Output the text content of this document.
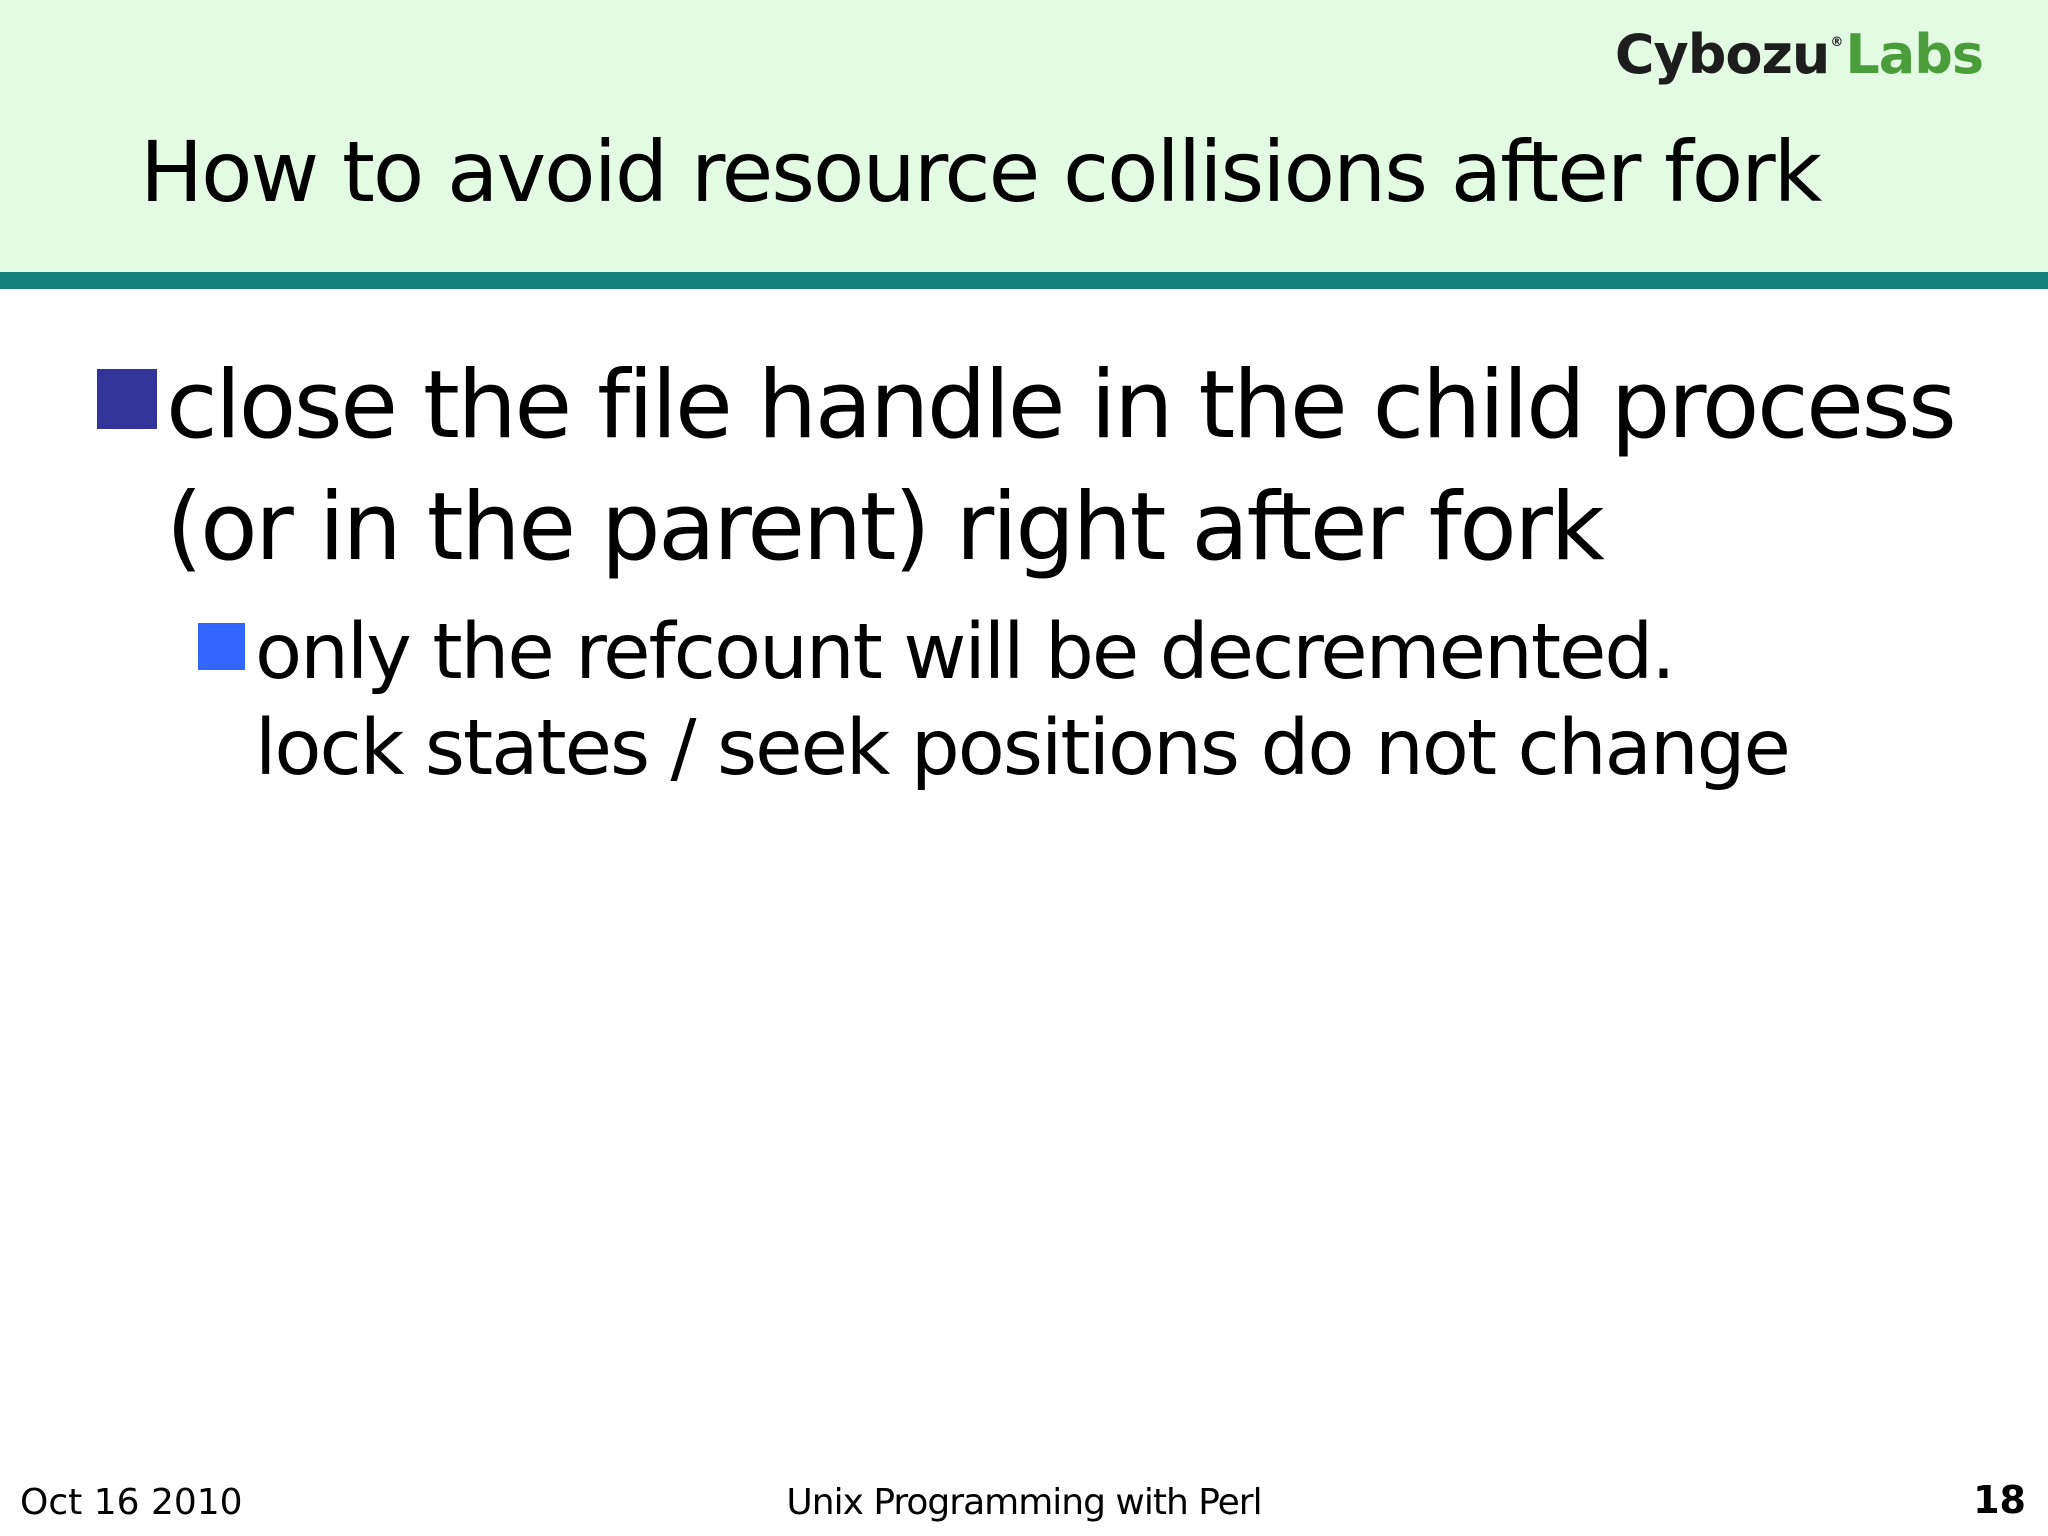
Cybozu®Labs
How to avoid resource collisions after fork
close the file handle in the child process (or in the parent) right after fork
only the refcount will be decremented.  lock states / seek positions do not change
Oct 16 2010	Unix Programming with Perl	18
